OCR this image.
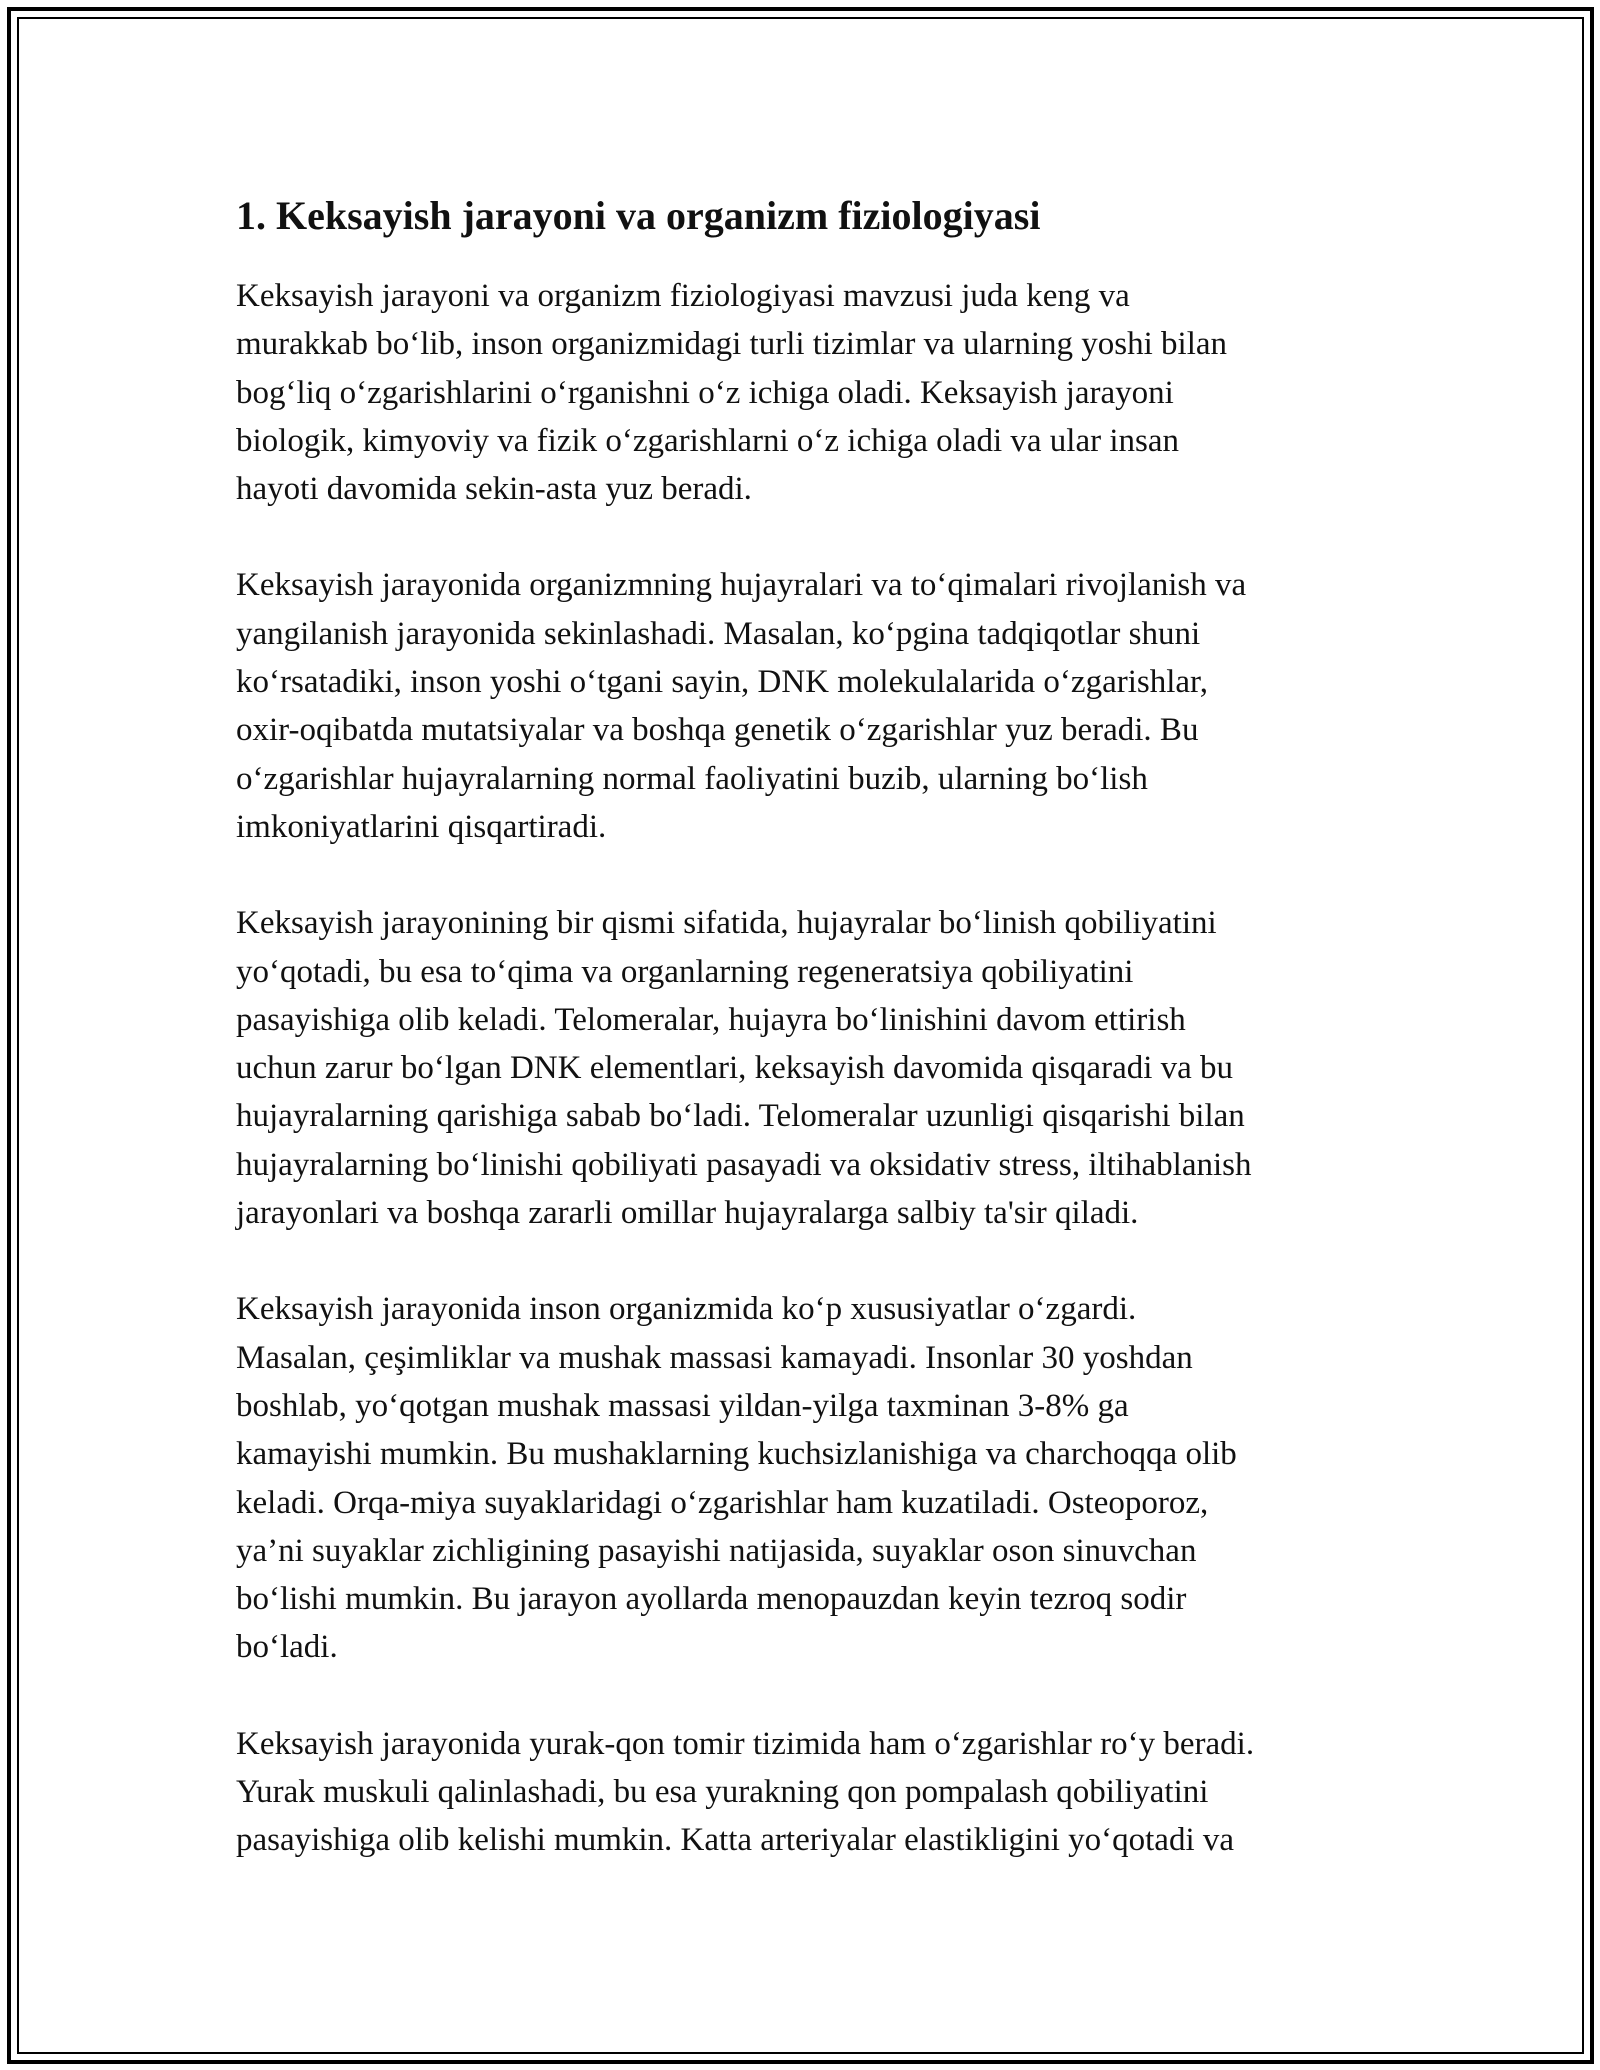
1. Keksayish jarayoni va organizm fiziologiyasi
Keksayish jarayoni va organizm fiziologiyasi mavzusi juda keng va
murakkab boʻlib, inson organizmidagi turli tizimlar va ularning yoshi bilan
bogʻliq oʻzgarishlarini oʻrganishni oʻz ichiga oladi. Keksayish jarayoni
biologik, kimyoviy va fizik oʻzgarishlarni oʻz ichiga oladi va ular insan
hayoti davomida sekin-asta yuz beradi.
Keksayish jarayonida organizmning hujayralari va toʻqimalari rivojlanish va
yangilanish jarayonida sekinlashadi. Masalan, koʻpgina tadqiqotlar shuni
koʻrsatadiki, inson yoshi oʻtgani sayin, DNK molekulalarida oʻzgarishlar,
oxir-oqibatda mutatsiyalar va boshqa genetik oʻzgarishlar yuz beradi. Bu
oʻzgarishlar hujayralarning normal faoliyatini buzib, ularning boʻlish
imkoniyatlarini qisqartiradi.
Keksayish jarayonining bir qismi sifatida, hujayralar boʻlinish qobiliyatini
yoʻqotadi, bu esa toʻqima va organlarning regeneratsiya qobiliyatini
pasayishiga olib keladi. Telomeralar, hujayra boʻlinishini davom ettirish
uchun zarur boʻlgan DNK elementlari, keksayish davomida qisqaradi va bu
hujayralarning qarishiga sabab boʻladi. Telomeralar uzunligi qisqarishi bilan
hujayralarning boʻlinishi qobiliyati pasayadi va oksidativ stress, iltihablanish
jarayonlari va boshqa zararli omillar hujayralarga salbiy ta'sir qiladi.
Keksayish jarayonida inson organizmida koʻp xususiyatlar oʻzgardi.
Masalan, çeşimliklar va mushak massasi kamayadi. Insonlar 30 yoshdan
boshlab, yoʻqotgan mushak massasi yildan-yilga taxminan 3-8% ga
kamayishi mumkin. Bu mushaklarning kuchsizlanishiga va charchoqqa olib
keladi. Orqa-miya suyaklaridagi oʻzgarishlar ham kuzatiladi. Osteoporoz,
ya’ni suyaklar zichligining pasayishi natijasida, suyaklar oson sinuvchan
boʻlishi mumkin. Bu jarayon ayollarda menopauzdan keyin tezroq sodir
boʻladi.
Keksayish jarayonida yurak-qon tomir tizimida ham oʻzgarishlar roʻy beradi.
Yurak muskuli qalinlashadi, bu esa yurakning qon pompalash qobiliyatini
pasayishiga olib kelishi mumkin. Katta arteriyalar elastikligini yoʻqotadi va
